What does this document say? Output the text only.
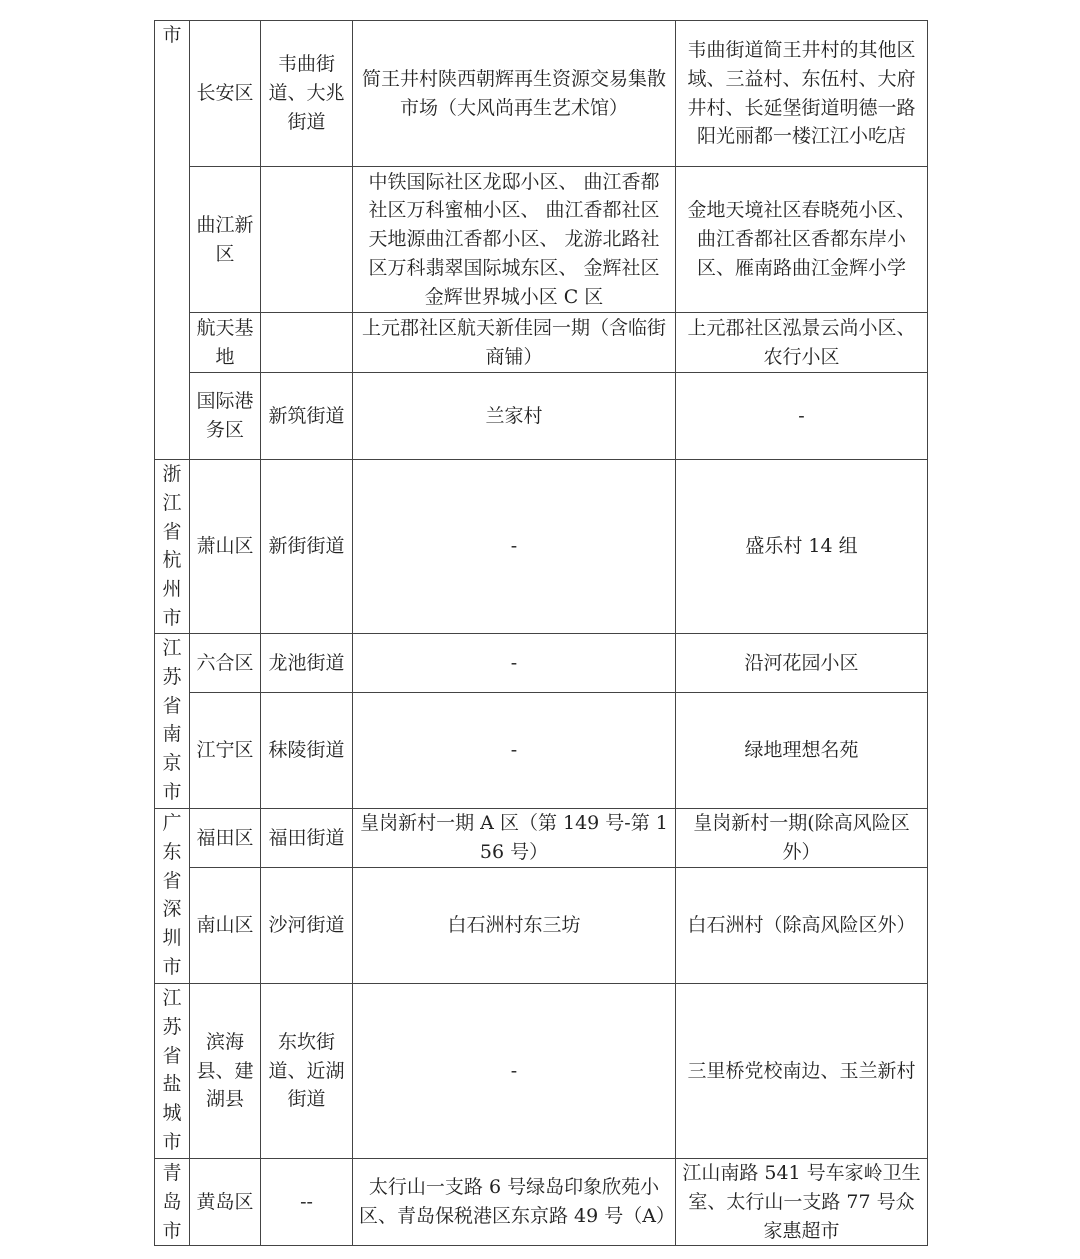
市	长安区	韦曲街道、大兆街道	简王井村陕西朝辉再生资源交易集散市场（大风尚再生艺术馆）	韦曲街道简王井村的其他区域、三益村、东伍村、大府井村、长延堡街道明德一路阳光丽都一楼江江小吃店
	曲江新区		中铁国际社区龙邸小区、 曲江香都社区万科蜜柚小区、 曲江香都社区天地源曲江香都小区、 龙游北路社区万科翡翠国际城东区、 金辉社区金辉世界城小区 C 区	金地天境社区春晓苑小区、曲江香都社区香都东岸小区、雁南路曲江金辉小学
	航天基地		上元郡社区航天新佳园一期（含临街商铺）	上元郡社区泓景云尚小区、农行小区
	国际港务区	新筑街道	兰家村	-
浙江省杭州市	萧山区	新街街道	-	盛乐村 14 组
江苏省南京市	六合区	龙池街道	-	沿河花园小区
	江宁区	秣陵街道	-	绿地理想名苑
广东省深圳市	福田区	福田街道	皇岗新村一期 A 区（第 149 号-第 156 号）	皇岗新村一期(除高风险区外）
	南山区	沙河街道	白石洲村东三坊	白石洲村（除高风险区外）
江苏省盐城市	滨海县、建湖县	东坎街道、近湖街道	-	三里桥党校南边、玉兰新村
青岛市	黄岛区	--	太行山一支路 6 号绿岛印象欣苑小区、青岛保税港区东京路 49 号（A）	江山南路 541 号车家岭卫生室、太行山一支路 77 号众家惠超市
